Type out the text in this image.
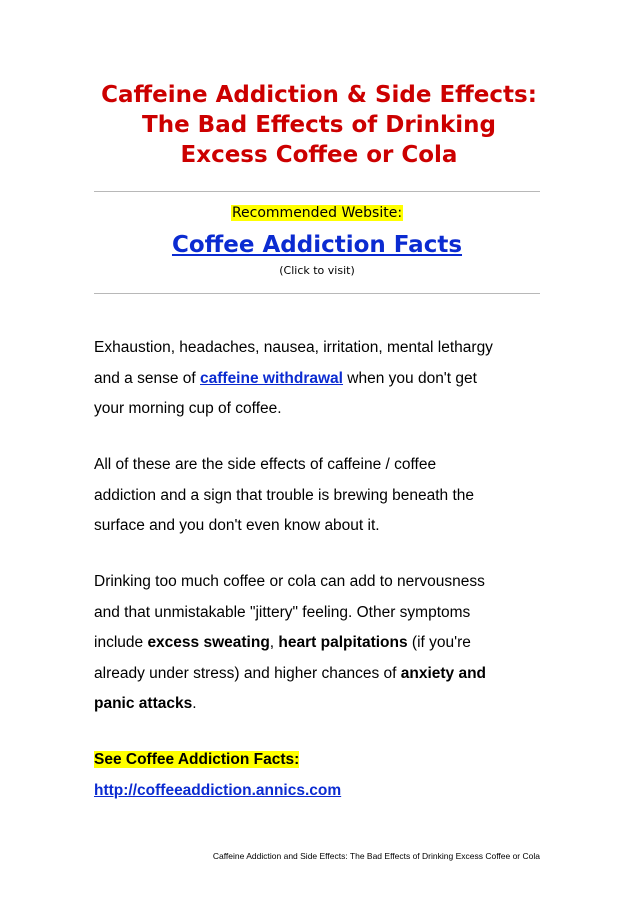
Caffeine Addiction & Side Effects:
The Bad Effects of Drinking
Excess Coffee or Cola
Recommended Website:
Coffee Addiction Facts
(Click to visit)

Exhaustion, headaches, nausea, irritation, mental lethargy
and a sense of caffeine withdrawal when you don't get
your morning cup of coffee.

All of these are the side effects of caffeine / coffee
addiction and a sign that trouble is brewing beneath the
surface and you don't even know about it.

Drinking too much coffee or cola can add to nervousness
and that unmistakable "jittery" feeling. Other symptoms
include excess sweating, heart palpitations (if you're
already under stress) and higher chances of anxiety and
panic attacks.

See Coffee Addiction Facts:
http://coffeeaddiction.annics.com
Caffeine Addiction and Side Effects: The Bad Effects of Drinking Excess Coffee or Cola
